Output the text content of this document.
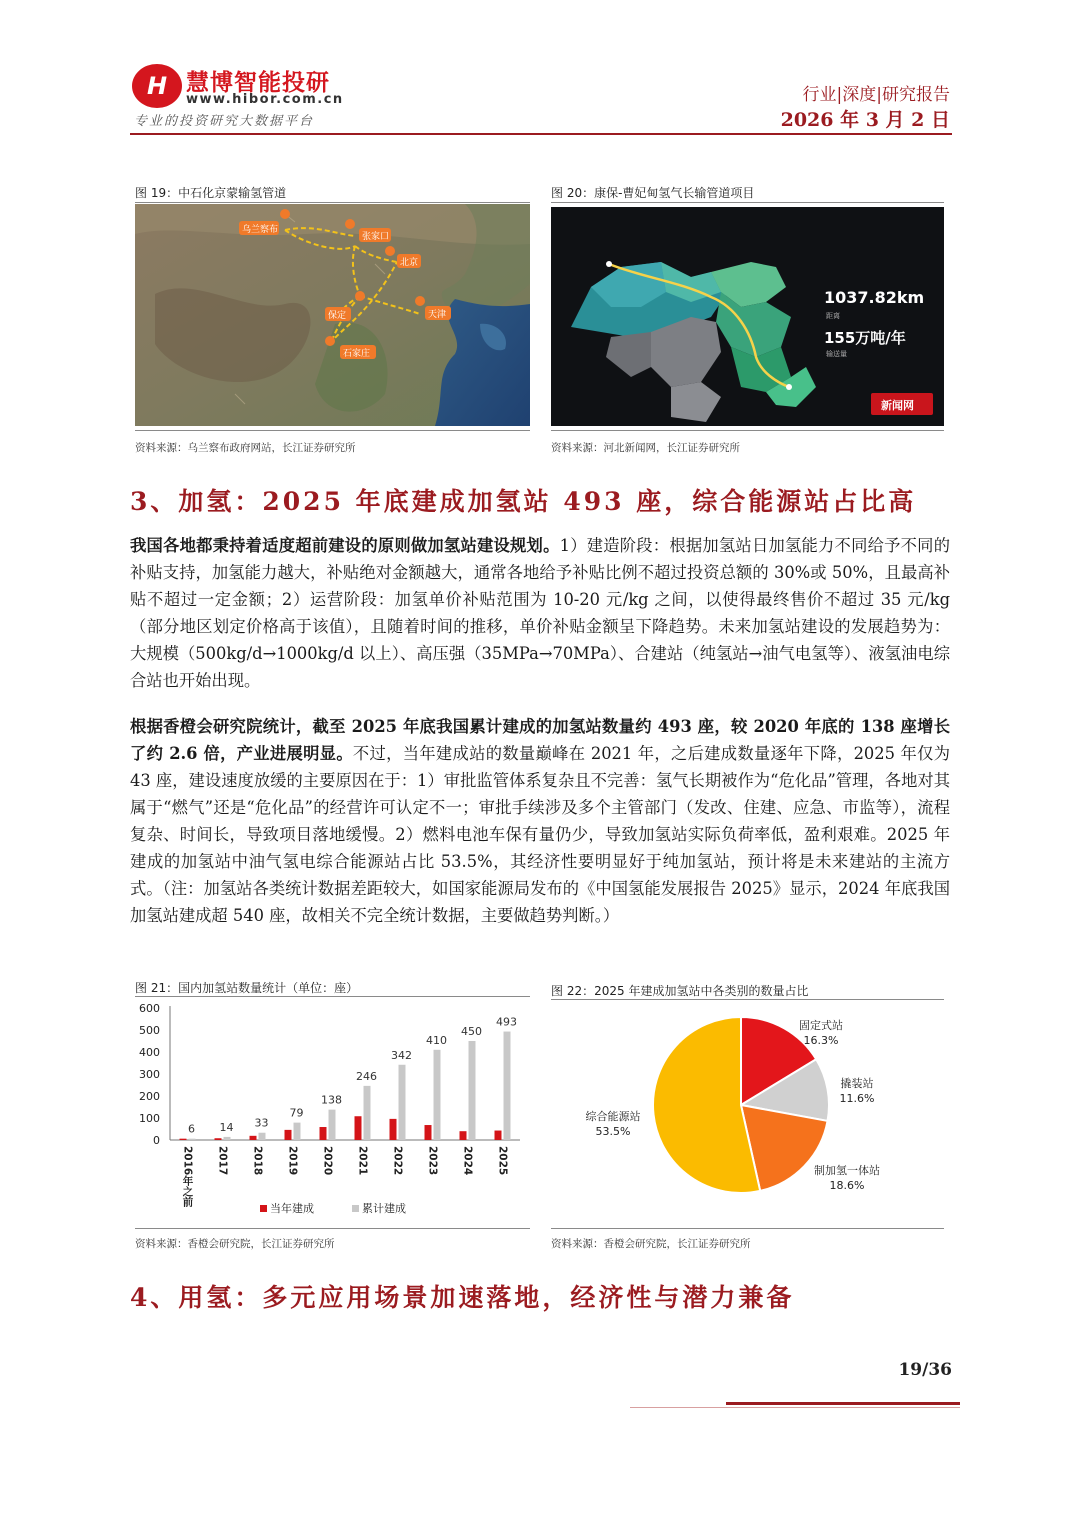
H 慧博智能投研
www.hibor.com.cn
专业的投资研究大数据平台
行业|深度|研究报告
2026 年 3 月 2 日
图 19：中石化京蒙输氢管道
乌兰察布
张家口
北京
保定	天津
石家庄
资料来源：乌兰察布政府网站，长江证券研究所
图 20：康保-曹妃甸氢气长输管道项目
1037.82km
距离
155万吨/年
输送量
新闻网
资料来源：河北新闻网，长江证券研究所
3、加氢：2025 年底建成加氢站 493 座，综合能源站占比高
我国各地都秉持着适度超前建设的原则做加氢站建设规划。1）建造阶段：根据加氢站日加氢能力不同给予不同的补贴支持，加氢能力越大，补贴绝对金额越大，通常各地给予补贴比例不超过投资总额的 30%或 50%，且最高补贴不超过一定金额；2）运营阶段：加氢单价补贴范围为 10-20 元/kg 之间，以使得最终售价不超过 35 元/kg（部分地区划定价格高于该值），且随着时间的推移，单价补贴金额呈下降趋势。未来加氢站建设的发展趋势为：大规模（500kg/d→1000kg/d 以上）、高压强（35MPa→70MPa）、合建站（纯氢站→油气电氢等）、液氢油电综合站也开始出现。
根据香橙会研究院统计，截至 2025 年底我国累计建成的加氢站数量约 493 座，较 2020 年底的 138 座增长了约 2.6 倍，产业进展明显。不过，当年建成站的数量巅峰在 2021 年，之后建成数量逐年下降，2025 年仅为 43 座，建设速度放缓的主要原因在于：1）审批监管体系复杂且不完善：氢气长期被作为“危化品”管理，各地对其属于“燃气”还是“危化品”的经营许可认定不一；审批手续涉及多个主管部门（发改、住建、应急、市监等），流程复杂、时间长，导致项目落地缓慢。2）燃料电池车保有量仍少，导致加氢站实际负荷率低，盈利艰难。2025 年建成的加氢站中油气氢电综合能源站占比 53.5%，其经济性要明显好于纯加氢站，预计将是未来建站的主流方式。（注：加氢站各类统计数据差距较大，如国家能源局发布的《中国氢能发展报告 2025》显示，2024 年底我国加氢站建成超 540 座，故相关不完全统计数据，主要做趋势判断。）
图 21：国内加氢站数量统计（单位：座）
0
100
200
300
400
500
600
6
2016年之前
14
2017
33
2018
79
2019
138
2020
246
2021
342
2022
410
2023
450
2024
493
2025
当年建成	累计建成
资料来源：香橙会研究院，长江证券研究所
图 22：2025 年建成加氢站中各类别的数量占比
固定式站
16.3%
撬装站
11.6%
制加氢一体站
18.6%
综合能源站
53.5%
资料来源：香橙会研究院，长江证券研究所
4、用氢：多元应用场景加速落地，经济性与潜力兼备
19/36
